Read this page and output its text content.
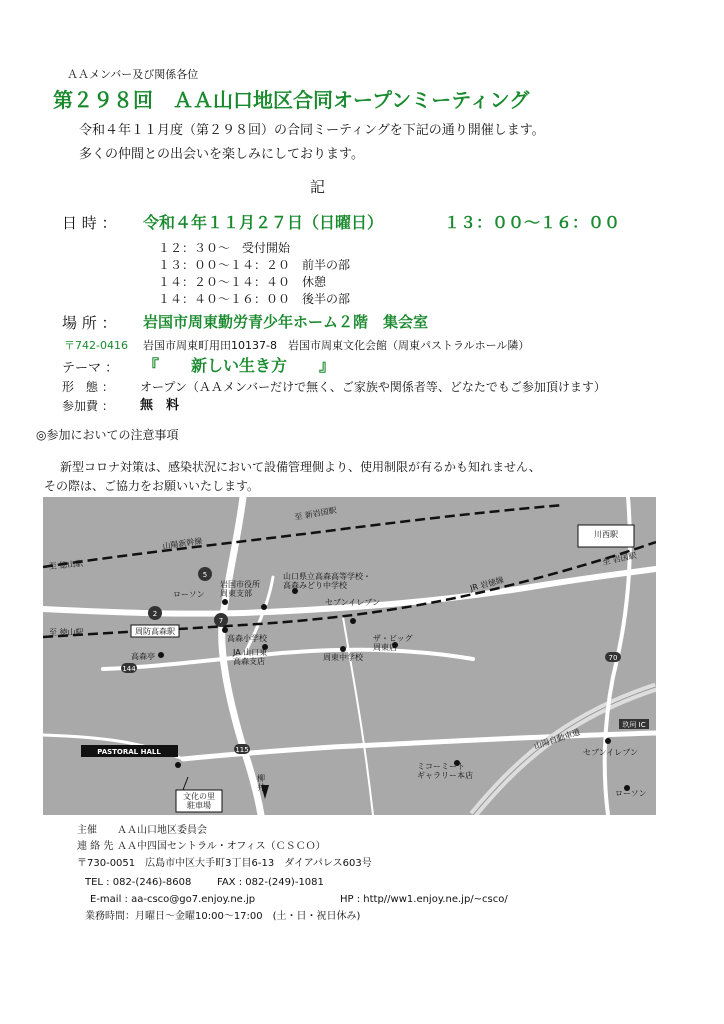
ＡＡメンバー及び関係各位
第２９８回　ＡＡ山口地区合同オープンミーティング
令和４年１１月度（第２９８回）の合同ミーティングを下記の通り開催します。
多くの仲間との出会いを楽しみにしております。
記
日 時 ： 令和４年１１月２７日（日曜日）	１３：００〜１６：００
１２：３０〜　受付開始
１３：００〜１４：２０　前半の部
１４：２０〜１４：４０　休憩
１４：４０〜１６：００　後半の部
場 所 ： 岩国市周東勤労青少年ホーム２階　集会室
〒742-0416 岩国市周東町用田10137-8　岩国市周東文化会館（周東パストラルホール隣）
テーマ ： 『　　新しい生き方　　』
形　態 ： オープン（ＡＡメンバーだけで無く、ご家族や関係者等、どなたでもご参加頂けます）
参加費 ： 無　料
◎参加においての注意事項
新型コロナ対策は、感染状況において設備管理側より、使用制限が有るかも知れません、
その際は、ご協力をお願いいたします。
5
2
7
144
115
70
至 新岩国駅
山陽新幹線
至 徳山駅
川西駅
至 岩国駅
岩国市役所周東支部
山口県立高森高等学校・高森みどり中学校
ローソン
セブンイレブン
JR 岩徳線
至 徳山駅	周防高森駅
高森小学校	ザ・ビッグ周東店
高森亭	JA 山口東高森支店	周東中学校
玖珂 IC
山陽自動車道
セブンイレブン
PASTORAL HALL
文化の里駐車場
ミコーミートギャラリー本店
ローソン
柳井
主催 ＡＡ山口地区委員会
連 絡 先 ＡＡ中四国セントラル・オフィス（ＣＳＣＯ）
〒730-0051　広島市中区大手町3丁目6-13　ダイアパレス603号
TEL : 082-(246)-8608	FAX : 082-(249)-1081
E-mail : aa-csco@go7.enjoy.ne.jp	HP : http//ww1.enjoy.ne.jp/~csco/
業務時間：月曜日〜金曜10:00〜17:00　(土・日・祝日休み)
